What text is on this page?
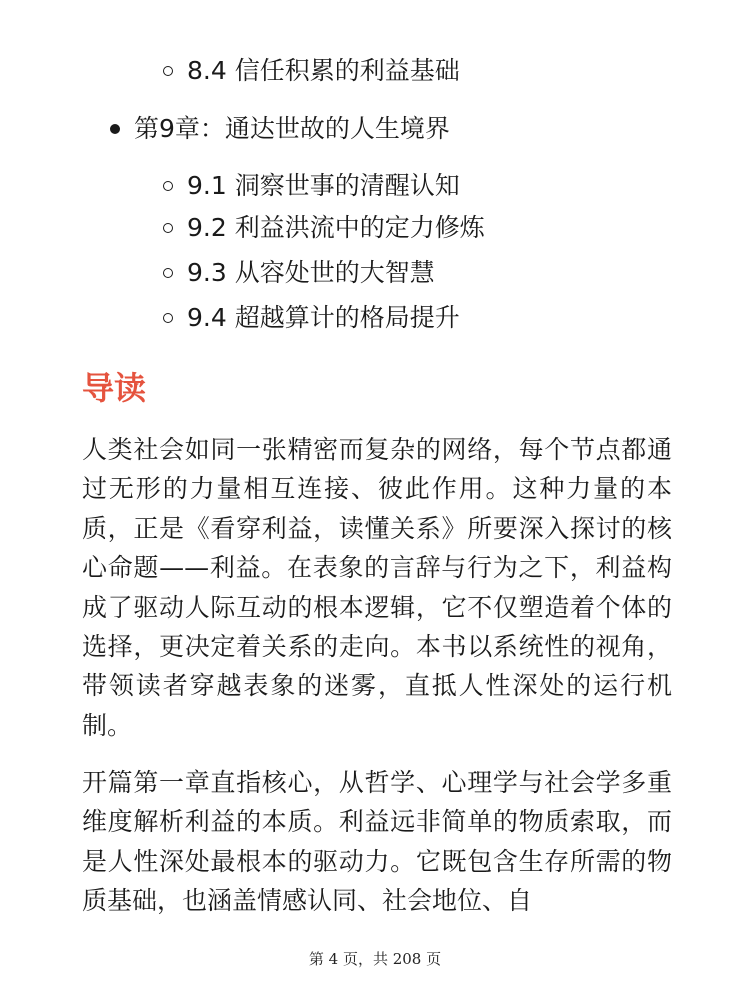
8.4 信任积累的利益基础
第9章：通达世故的人生境界
9.1 洞察世事的清醒认知
9.2 利益洪流中的定力修炼
9.3 从容处世的大智慧
9.4 超越算计的格局提升
导读

人类社会如同一张精密而复杂的网络，每个节点都通过无形的力量相互连接、彼此作用。这种力量的本质，正是《看穿利益，读懂关系》所要深入探讨的核心命题——利益。在表象的言辞与行为之下，利益构成了驱动人际互动的根本逻辑，它不仅塑造着个体的选择，更决定着关系的走向。本书以系统性的视角，带领读者穿越表象的迷雾，直抵人性深处的运行机制。

开篇第一章直指核心，从哲学、心理学与社会学多重维度解析利益的本质。利益远非简单的物质索取，而是人性深处最根本的驱动力。它既包含生存所需的物质基础，也涵盖情感认同、社会地位、自

第 4 页，共 208 页
